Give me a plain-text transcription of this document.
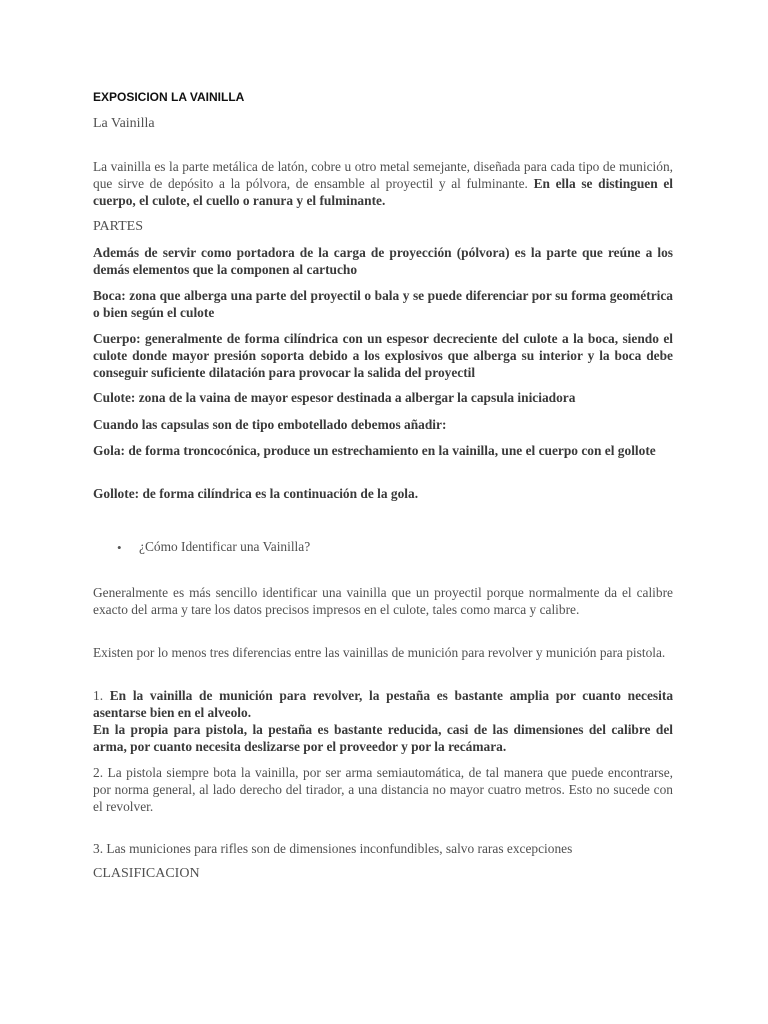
EXPOSICION LA VAINILLA

La Vainilla

La vainilla es la parte metálica de latón, cobre u otro metal semejante, diseñada para cada tipo de munición, que sirve de depósito a la pólvora, de ensamble al proyectil y al fulminante. En ella se distinguen el cuerpo, el culote, el cuello o ranura y el fulminante.

PARTES

Además de servir como portadora de la carga de proyección (pólvora) es la parte que reúne a los demás elementos que la componen al cartucho

Boca: zona que alberga una parte del proyectil o bala y se puede diferenciar por su forma geométrica o bien según el culote

Cuerpo: generalmente de forma cilíndrica con un espesor decreciente del culote a la boca, siendo el culote donde mayor presión soporta debido a los explosivos que alberga su interior y la boca debe conseguir suficiente dilatación para provocar la salida del proyectil

Culote: zona de la vaina de mayor espesor destinada a albergar la capsula iniciadora

Cuando las capsulas son de tipo embotellado debemos añadir:

Gola: de forma troncocónica, produce un estrechamiento en la vainilla, une el cuerpo con el gollote

Gollote: de forma cilíndrica es la continuación de la gola.

• ¿Cómo Identificar una Vainilla?

Generalmente es más sencillo identificar una vainilla que un proyectil porque normalmente da el calibre exacto del arma y tare los datos precisos impresos en el culote, tales como marca y calibre.

Existen por lo menos tres diferencias entre las vainillas de munición para revolver y munición para pistola.

1. En la vainilla de munición para revolver, la pestaña es bastante amplia por cuanto necesita asentarse bien en el alveolo.
En la propia para pistola, la pestaña es bastante reducida, casi de las dimensiones del calibre del arma, por cuanto necesita deslizarse por el proveedor y por la recámara.

2. La pistola siempre bota la vainilla, por ser arma semiautomática, de tal manera que puede encontrarse, por norma general, al lado derecho del tirador, a una distancia no mayor cuatro metros. Esto no sucede con el revolver.

3. Las municiones para rifles son de dimensiones inconfundibles, salvo raras excepciones

CLASIFICACION
